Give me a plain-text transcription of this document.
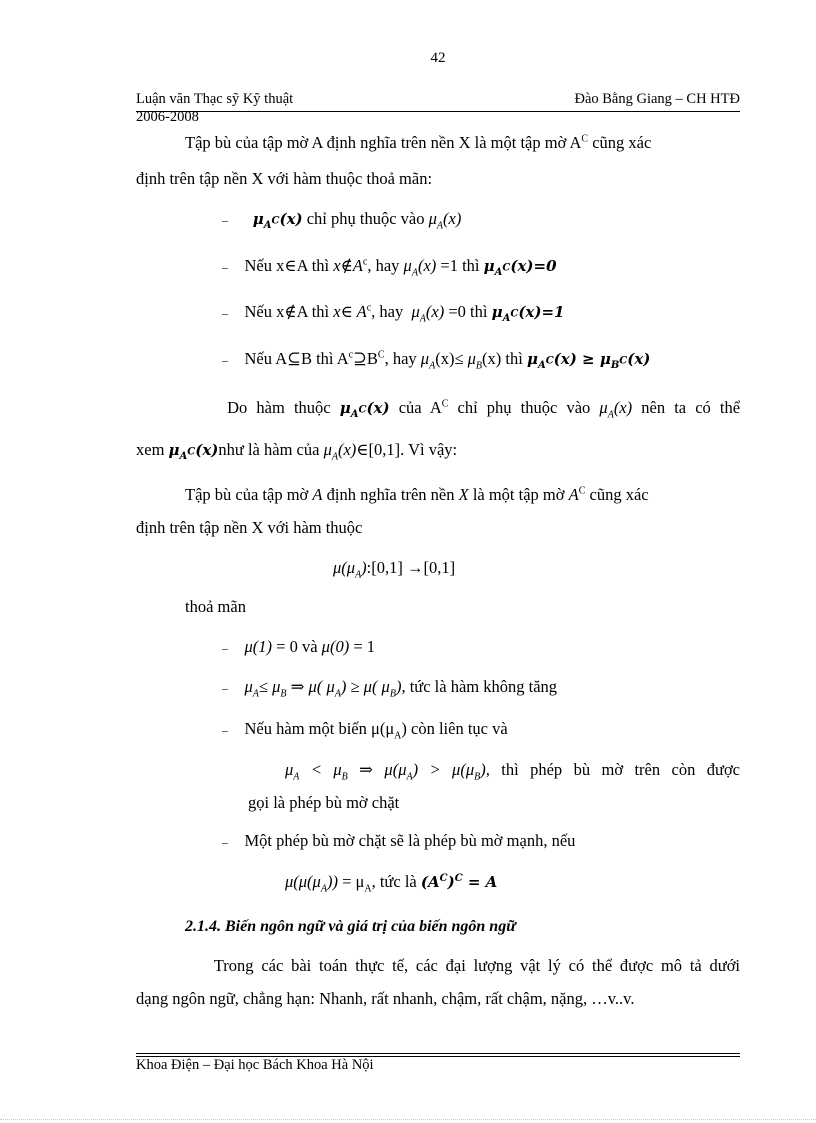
42
Luận văn Thạc sỹ Kỹ thuật	Đào Bằng Giang – CH HTĐ
2006-2008
Tập bù của tập mờ A định nghĩa trên nền X là một tập mờ $A^C$ cũng xác
định trên tập nền X với hàm thuộc thoả mãn:
– $\mu_{A^C}(x)$ chỉ phụ thuộc vào $\mu_A(x)$
– Nếu x∈A thì $x\notin A^c$, hay $\mu_A(x) =1$ thì $\mu_{A^C}(x)=0$
– Nếu x∉A thì x∈ $A^c$, hay $\mu_A(x) =0$ thì $\mu_{A^C}(x)=1$
– Nếu A⊆B thì $A^c⊇B^C$, hay $\mu_A(x)\le \mu_B(x)$ thì $\mu_{A^C}(x) \ge \mu_{B^C}(x)$
Do hàm thuộc $\mu_{A^C}(x)$ của $A^C$ chỉ phụ thuộc vào $\mu_A(x)$ nên ta có thể
xem $\mu_{A^C}(x)như$ là hàm của $\mu_A(x)\in[0,1]$. Vì vậy:
Tập bù của tập mờ A định nghĩa trên nền X là một tập mờ $A^C$ cũng xác
định trên tập nền X với hàm thuộc
$\mu(\mu_A):[0,1] \to[0,1]$
thoả mãn
– μ(1) = 0 và μ(0) = 1
– $\mu_A\le \mu_B$ ⇒ μ( $\mu_A) \ge \mu$( $\mu_B$), tức là hàm không tăng
– Nếu hàm một biến $\mu(\mu_A)$ còn liên tục và
$\mu_A < \mu_B$ ⇒ $\mu(\mu_A) > \mu(\mu_B)$, thì phép bù mờ trên còn được
gọi là phép bù mờ chặt
– Một phép bù mờ chặt sẽ là phép bù mờ mạnh, nếu
$\mu(\mu(\mu_A)) = \mu_A$, tức là $(A^C)^C = A$
2.1.4. Biến ngôn ngữ và giá trị của biến ngôn ngữ
Trong các bài toán thực tế, các đại lượng vật lý có thể được mô tả dưới
dạng ngôn ngữ, chẳng hạn: Nhanh, rất nhanh, chậm, rất chậm, nặng, …v..v.
Khoa Điện – Đại học Bách Khoa Hà Nội
